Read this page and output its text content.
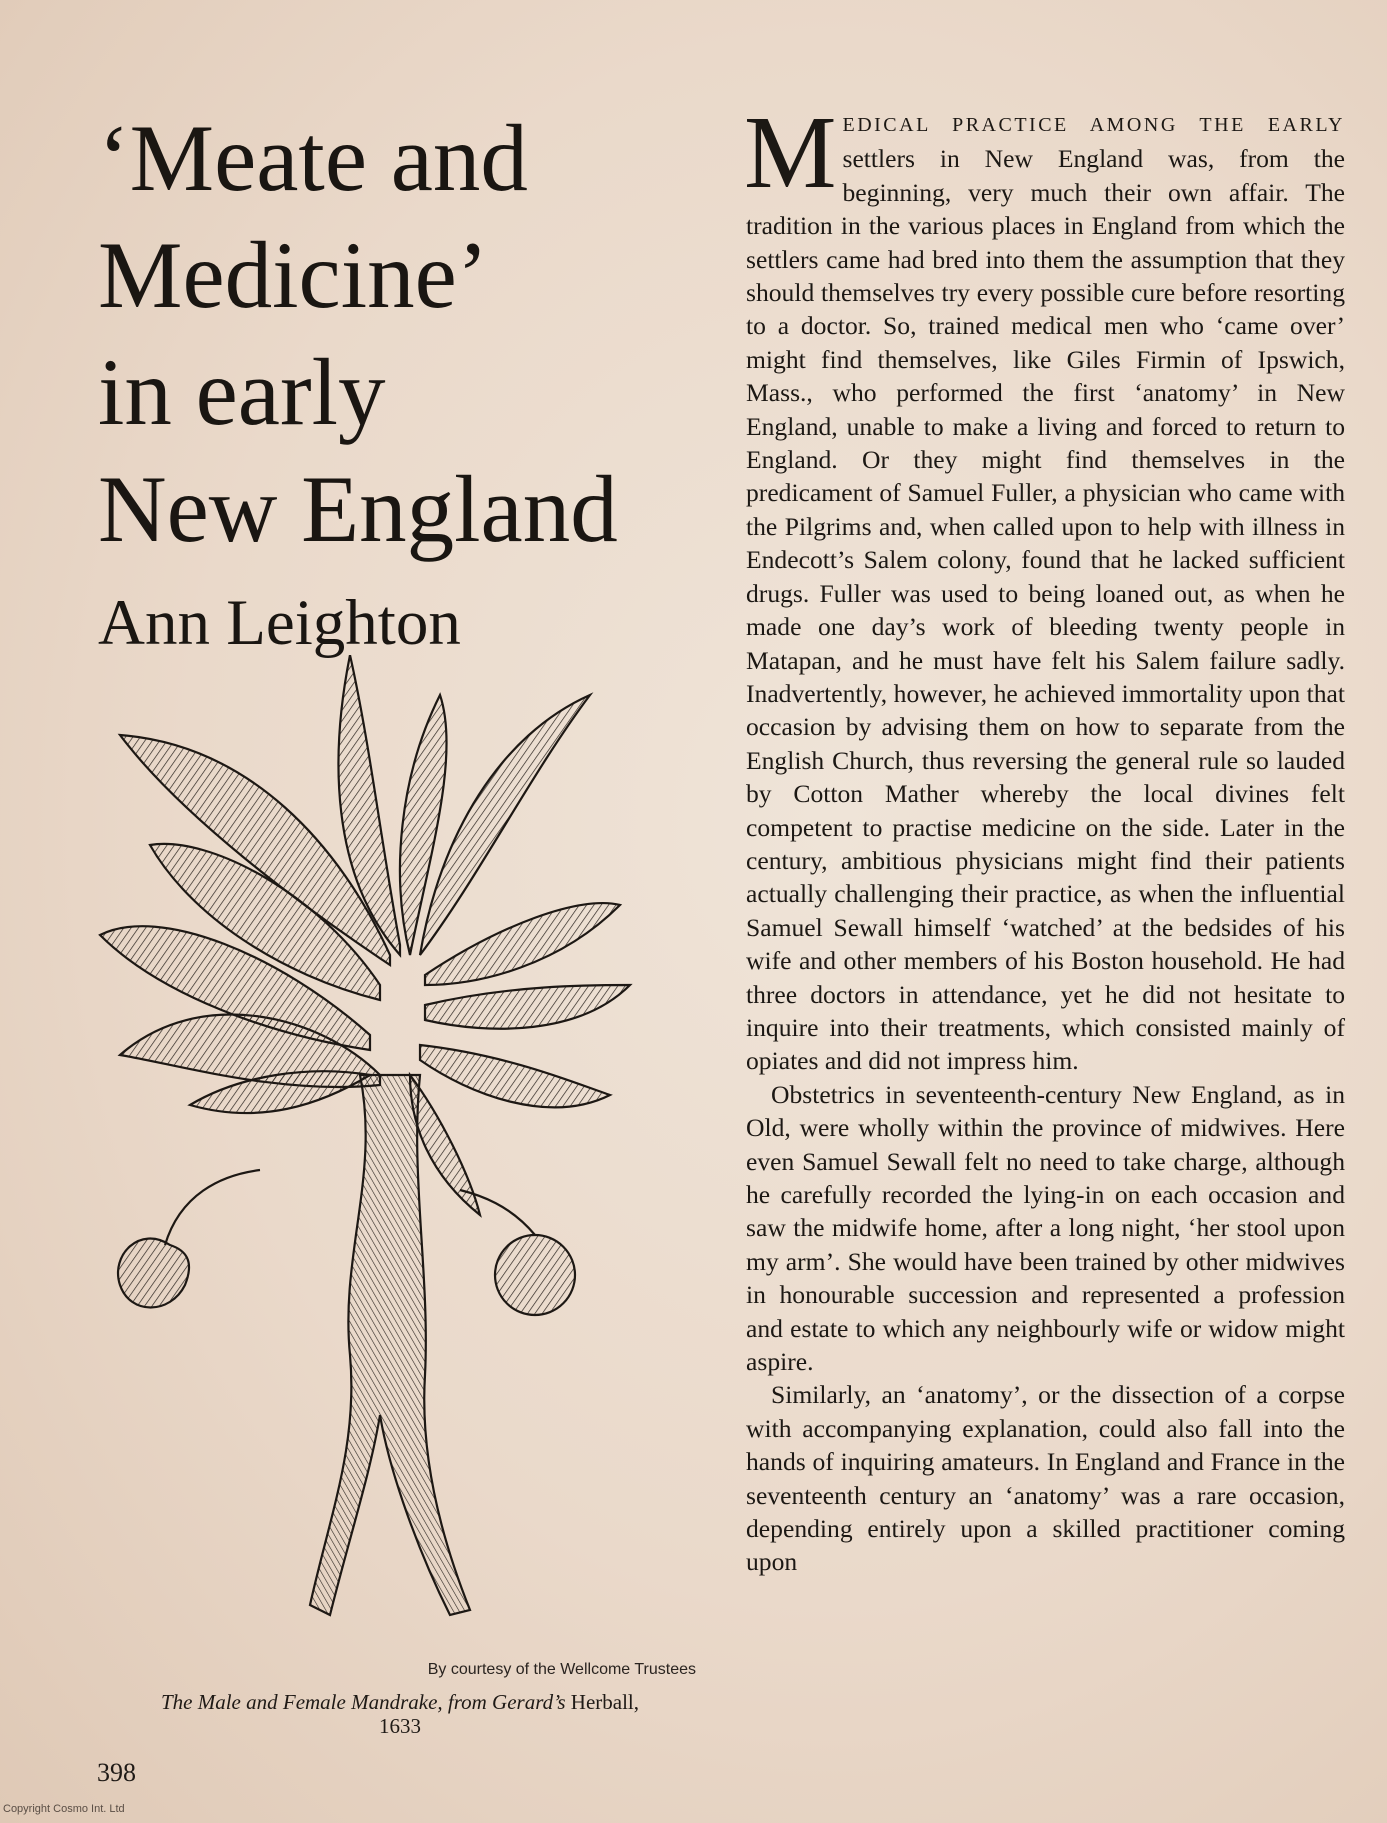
‘Meate and
Medicine’
in early
New England
Ann Leighton
By courtesy of the Wellcome Trustees
The Male and Female Mandrake, from Gerard’s Herball,
1633
398
Copyright Cosmo Int. Ltd

MEDICAL PRACTICE AMONG THE EARLY settlers in New England was, from the beginning, very much their own affair. The tradition in the various places in England from which the settlers came had bred into them the assumption that they should themselves try every possible cure before resorting to a doctor. So, trained medical men who ‘came over’ might find themselves, like Giles Firmin of Ipswich, Mass., who performed the first ‘anatomy’ in New England, unable to make a living and forced to return to England. Or they might find themselves in the predicament of Samuel Fuller, a physician who came with the Pilgrims and, when called upon to help with illness in Endecott’s Salem colony, found that he lacked sufficient drugs. Fuller was used to being loaned out, as when he made one day’s work of bleeding twenty people in Matapan, and he must have felt his Salem failure sadly. Inadvertently, however, he achieved immortality upon that occasion by advising them on how to separate from the English Church, thus reversing the general rule so lauded by Cotton Mather whereby the local divines felt competent to practise medicine on the side. Later in the century, ambitious physicians might find their patients actually challenging their practice, as when the influential Samuel Sewall himself ‘watched’ at the bedsides of his wife and other members of his Boston household. He had three doctors in attendance, yet he did not hesitate to inquire into their treatments, which consisted mainly of opiates and did not impress him.

Obstetrics in seventeenth-century New England, as in Old, were wholly within the province of midwives. Here even Samuel Sewall felt no need to take charge, although he carefully recorded the lying-in on each occasion and saw the midwife home, after a long night, ‘her stool upon my arm’. She would have been trained by other midwives in honourable succession and represented a profession and estate to which any neighbourly wife or widow might aspire.

Similarly, an ‘anatomy’, or the dissection of a corpse with accompanying explanation, could also fall into the hands of inquiring amateurs. In England and France in the seventeenth century an ‘anatomy’ was a rare occasion, depending entirely upon a skilled practitioner coming upon
